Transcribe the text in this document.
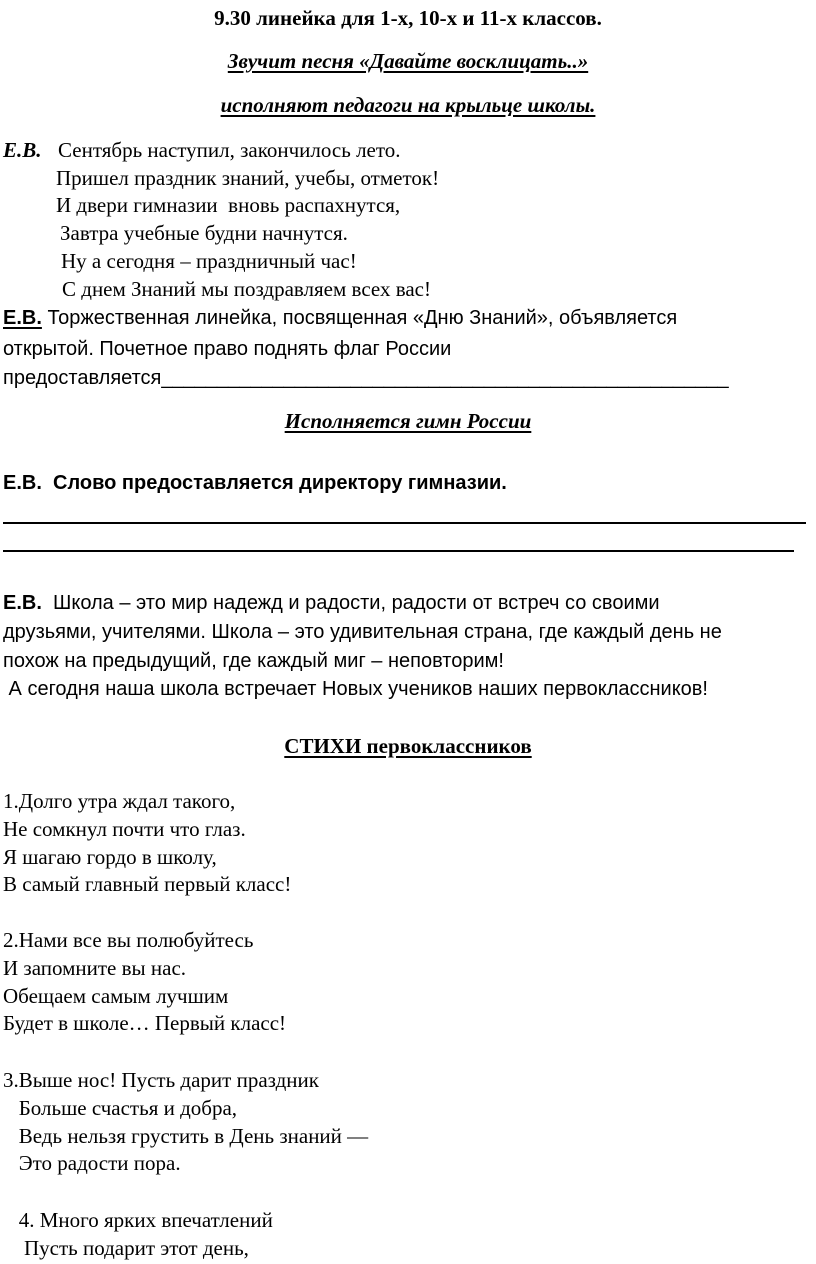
9.30 линейка для 1-х, 10-х и 11-х классов.
Звучит песня «Давайте восклицать..»
исполняют педагоги на крыльце школы.
Е.В. Сентябрь наступил, закончилось лето.
Пришел праздник знаний, учебы, отметок!
И двери гимназии  вновь распахнутся,
Завтра учебные будни начнутся.
Ну а сегодня – праздничный час!
С днем Знаний мы поздравляем всех вас!
Е.В. Торжественная линейка, посвященная «Дню Знаний», объявляется
открытой. Почетное право поднять флаг России
предоставляется___________________________________________________
Исполняется гимн России
Е.В.  Слово предоставляется директору гимназии.
Е.В.  Школа – это мир надежд и радости, радости от встреч со своими
друзьями, учителями. Школа – это удивительная страна, где каждый день не
похож на предыдущий, где каждый миг – неповторим!
А сегодня наша школа встречает Новых учеников наших первоклассников!
СТИХИ первоклассников
1.Долго утра ждал такого,
Не сомкнул почти что глаз.
Я шагаю гордо в школу,
В самый главный первый класс!
2.Нами все вы полюбуйтесь
И запомните вы нас.
Обещаем самым лучшим
Будет в школе… Первый класс!
3.Выше нос! Пусть дарит праздник
Больше счастья и добра,
Ведь нельзя грустить в День знаний —
Это радости пора.
4. Много ярких впечатлений
Пусть подарит этот день,
